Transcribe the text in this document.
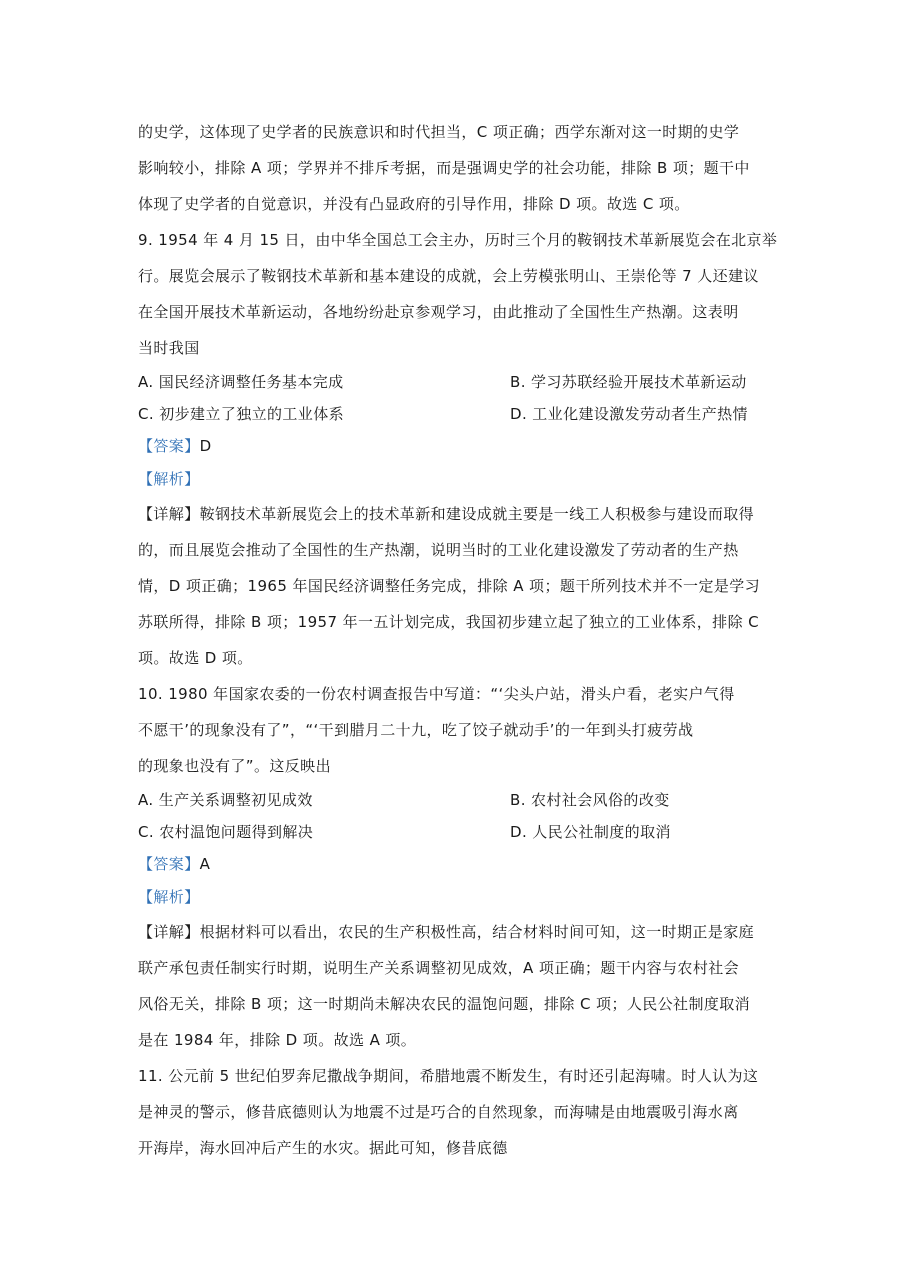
的史学，这体现了史学者的民族意识和时代担当，C 项正确；西学东渐对这一时期的史学
影响较小，排除 A 项；学界并不排斥考据，而是强调史学的社会功能，排除 B 项；题干中
体现了史学者的自觉意识，并没有凸显政府的引导作用，排除 D 项。故选 C 项。
9. 1954 年 4 月 15 日，由中华全国总工会主办，历时三个月的鞍钢技术革新展览会在北京举
行。展览会展示了鞍钢技术革新和基本建设的成就，会上劳模张明山、王崇伦等 7 人还建议
在全国开展技术革新运动，各地纷纷赴京参观学习，由此推动了全国性生产热潮。这表明
当时我国
A. 国民经济调整任务基本完成	B. 学习苏联经验开展技术革新运动
C. 初步建立了独立的工业体系	D. 工业化建设激发劳动者生产热情
【答案】D
【解析】
【详解】鞍钢技术革新展览会上的技术革新和建设成就主要是一线工人积极参与建设而取得
的，而且展览会推动了全国性的生产热潮，说明当时的工业化建设激发了劳动者的生产热
情，D 项正确；1965 年国民经济调整任务完成，排除 A 项；题干所列技术并不一定是学习
苏联所得，排除 B 项；1957 年一五计划完成，我国初步建立起了独立的工业体系，排除 C
项。故选 D 项。
10. 1980 年国家农委的一份农村调查报告中写道：“‘尖头户站，滑头户看，老实户气得
不愿干’的现象没有了”，“‘干到腊月二十九，吃了饺子就动手’的一年到头打疲劳战
的现象也没有了”。这反映出
A. 生产关系调整初见成效	B. 农村社会风俗的改变
C. 农村温饱问题得到解决	D. 人民公社制度的取消
【答案】A
【解析】
【详解】根据材料可以看出，农民的生产积极性高，结合材料时间可知，这一时期正是家庭
联产承包责任制实行时期，说明生产关系调整初见成效，A 项正确；题干内容与农村社会
风俗无关，排除 B 项；这一时期尚未解决农民的温饱问题，排除 C 项；人民公社制度取消
是在 1984 年，排除 D 项。故选 A 项。
11. 公元前 5 世纪伯罗奔尼撒战争期间，希腊地震不断发生，有时还引起海啸。时人认为这
是神灵的警示，修昔底德则认为地震不过是巧合的自然现象，而海啸是由地震吸引海水离
开海岸，海水回冲后产生的水灾。据此可知，修昔底德
